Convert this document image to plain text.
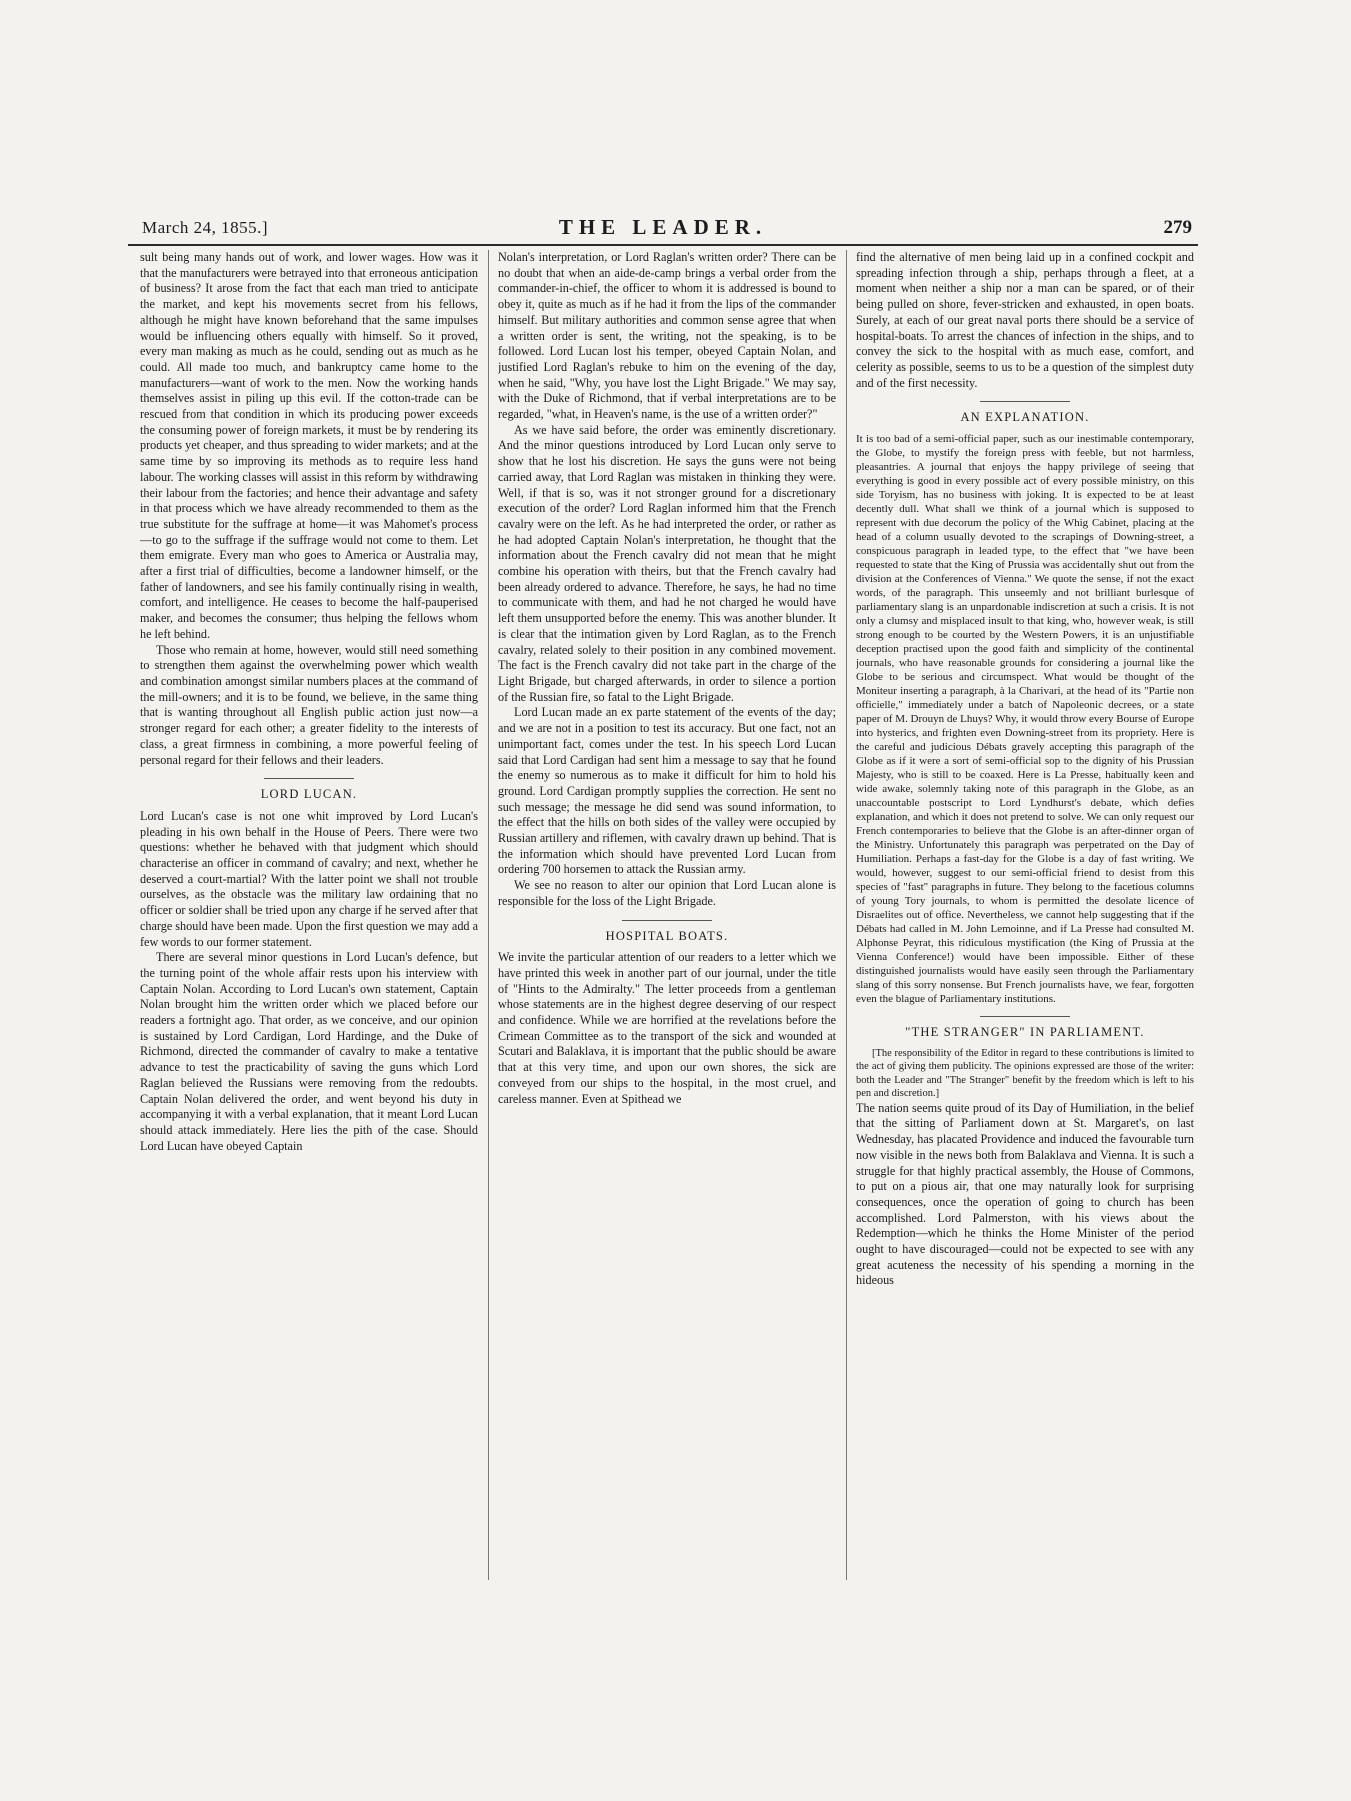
March 24, 1855.]	THE LEADER.	279

sult being many hands out of work, and lower wages. How was it that the manufacturers were betrayed into that erroneous anticipation of business? It arose from the fact that each man tried to anticipate the market, and kept his movements secret from his fellows, although he might have known beforehand that the same impulses would be influencing others equally with himself. So it proved, every man making as much as he could, sending out as much as he could. All made too much, and bankruptcy came home to the manufacturers—want of work to the men. Now the working hands themselves assist in piling up this evil. If the cotton-trade can be rescued from that condition in which its producing power exceeds the consuming power of foreign markets, it must be by rendering its products yet cheaper, and thus spreading to wider markets; and at the same time by so improving its methods as to require less hand labour. The working classes will assist in this reform by withdrawing their labour from the factories; and hence their advantage and safety in that process which we have already recommended to them as the true substitute for the suffrage at home—it was Mahomet's process—to go to the suffrage if the suffrage would not come to them. Let them emigrate. Every man who goes to America or Australia may, after a first trial of difficulties, become a landowner himself, or the father of landowners, and see his family continually rising in wealth, comfort, and intelligence. He ceases to become the half-pauperised maker, and becomes the consumer; thus helping the fellows whom he left behind.

Those who remain at home, however, would still need something to strengthen them against the overwhelming power which wealth and combination amongst similar numbers places at the command of the mill-owners; and it is to be found, we believe, in the same thing that is wanting throughout all English public action just now—a stronger regard for each other; a greater fidelity to the interests of class, a great firmness in combining, a more powerful feeling of personal regard for their fellows and their leaders.

LORD LUCAN.

Lord Lucan's case is not one whit improved by Lord Lucan's pleading in his own behalf in the House of Peers. There were two questions: whether he behaved with that judgment which should characterise an officer in command of cavalry; and next, whether he deserved a court-martial? With the latter point we shall not trouble ourselves, as the obstacle was the military law ordaining that no officer or soldier shall be tried upon any charge if he served after that charge should have been made. Upon the first question we may add a few words to our former statement.

There are several minor questions in Lord Lucan's defence, but the turning point of the whole affair rests upon his interview with Captain Nolan. According to Lord Lucan's own statement, Captain Nolan brought him the written order which we placed before our readers a fortnight ago. That order, as we conceive, and our opinion is sustained by Lord Cardigan, Lord Hardinge, and the Duke of Richmond, directed the commander of cavalry to make a tentative advance to test the practicability of saving the guns which Lord Raglan believed the Russians were removing from the redoubts. Captain Nolan delivered the order, and went beyond his duty in accompanying it with a verbal explanation, that it meant Lord Lucan should attack immediately. Here lies the pith of the case. Should Lord Lucan have obeyed Captain

Nolan's interpretation, or Lord Raglan's written order? There can be no doubt that when an aide-de-camp brings a verbal order from the commander-in-chief, the officer to whom it is addressed is bound to obey it, quite as much as if he had it from the lips of the commander himself. But military authorities and common sense agree that when a written order is sent, the writing, not the speaking, is to be followed. Lord Lucan lost his temper, obeyed Captain Nolan, and justified Lord Raglan's rebuke to him on the evening of the day, when he said, "Why, you have lost the Light Brigade." We may say, with the Duke of Richmond, that if verbal interpretations are to be regarded, "what, in Heaven's name, is the use of a written order?"

As we have said before, the order was eminently discretionary. And the minor questions introduced by Lord Lucan only serve to show that he lost his discretion. He says the guns were not being carried away, that Lord Raglan was mistaken in thinking they were. Well, if that is so, was it not stronger ground for a discretionary execution of the order? Lord Raglan informed him that the French cavalry were on the left. As he had interpreted the order, or rather as he had adopted Captain Nolan's interpretation, he thought that the information about the French cavalry did not mean that he might combine his operation with theirs, but that the French cavalry had been already ordered to advance. Therefore, he says, he had no time to communicate with them, and had he not charged he would have left them unsupported before the enemy. This was another blunder. It is clear that the intimation given by Lord Raglan, as to the French cavalry, related solely to their position in any combined movement. The fact is the French cavalry did not take part in the charge of the Light Brigade, but charged afterwards, in order to silence a portion of the Russian fire, so fatal to the Light Brigade.

Lord Lucan made an ex parte statement of the events of the day; and we are not in a position to test its accuracy. But one fact, not an unimportant fact, comes under the test. In his speech Lord Lucan said that Lord Cardigan had sent him a message to say that he found the enemy so numerous as to make it difficult for him to hold his ground. Lord Cardigan promptly supplies the correction. He sent no such message; the message he did send was sound information, to the effect that the hills on both sides of the valley were occupied by Russian artillery and riflemen, with cavalry drawn up behind. That is the information which should have prevented Lord Lucan from ordering 700 horsemen to attack the Russian army.

We see no reason to alter our opinion that Lord Lucan alone is responsible for the loss of the Light Brigade.

HOSPITAL BOATS.

We invite the particular attention of our readers to a letter which we have printed this week in another part of our journal, under the title of "Hints to the Admiralty." The letter proceeds from a gentleman whose statements are in the highest degree deserving of our respect and confidence. While we are horrified at the revelations before the Crimean Committee as to the transport of the sick and wounded at Scutari and Balaklava, it is important that the public should be aware that at this very time, and upon our own shores, the sick are conveyed from our ships to the hospital, in the most cruel, and careless manner. Even at Spithead we

find the alternative of men being laid up in a confined cockpit and spreading infection through a ship, perhaps through a fleet, at a moment when neither a ship nor a man can be spared, or of their being pulled on shore, fever-stricken and exhausted, in open boats. Surely, at each of our great naval ports there should be a service of hospital-boats. To arrest the chances of infection in the ships, and to convey the sick to the hospital with as much ease, comfort, and celerity as possible, seems to us to be a question of the simplest duty and of the first necessity.

AN EXPLANATION.

It is too bad of a semi-official paper, such as our inestimable contemporary, the Globe, to mystify the foreign press with feeble, but not harmless, pleasantries. A journal that enjoys the happy privilege of seeing that everything is good in every possible act of every possible ministry, on this side Toryism, has no business with joking. It is expected to be at least decently dull. What shall we think of a journal which is supposed to represent with due decorum the policy of the Whig Cabinet, placing at the head of a column usually devoted to the scrapings of Downing-street, a conspicuous paragraph in leaded type, to the effect that "we have been requested to state that the King of Prussia was accidentally shut out from the division at the Conferences of Vienna." We quote the sense, if not the exact words, of the paragraph. This unseemly and not brilliant burlesque of parliamentary slang is an unpardonable indiscretion at such a crisis. It is not only a clumsy and misplaced insult to that king, who, however weak, is still strong enough to be courted by the Western Powers, it is an unjustifiable deception practised upon the good faith and simplicity of the continental journals, who have reasonable grounds for considering a journal like the Globe to be serious and circumspect. What would be thought of the Moniteur inserting a paragraph, à la Charivari, at the head of its "Partie non officielle," immediately under a batch of Napoleonic decrees, or a state paper of M. Drouyn de Lhuys? Why, it would throw every Bourse of Europe into hysterics, and frighten even Downing-street from its propriety. Here is the careful and judicious Débats gravely accepting this paragraph of the Globe as if it were a sort of semi-official sop to the dignity of his Prussian Majesty, who is still to be coaxed. Here is La Presse, habitually keen and wide awake, solemnly taking note of this paragraph in the Globe, as an unaccountable postscript to Lord Lyndhurst's debate, which defies explanation, and which it does not pretend to solve. We can only request our French contemporaries to believe that the Globe is an after-dinner organ of the Ministry. Unfortunately this paragraph was perpetrated on the Day of Humiliation. Perhaps a fast-day for the Globe is a day of fast writing. We would, however, suggest to our semi-official friend to desist from this species of "fast" paragraphs in future. They belong to the facetious columns of young Tory journals, to whom is permitted the desolate licence of Disraelites out of office. Nevertheless, we cannot help suggesting that if the Débats had called in M. John Lemoinne, and if La Presse had consulted M. Alphonse Peyrat, this ridiculous mystification (the King of Prussia at the Vienna Conference!) would have been impossible. Either of these distinguished journalists would have easily seen through the Parliamentary slang of this sorry nonsense. But French journalists have, we fear, forgotten even the blague of Parliamentary institutions.

"THE STRANGER" IN PARLIAMENT.

[The responsibility of the Editor in regard to these contributions is limited to the act of giving them publicity. The opinions expressed are those of the writer: both the Leader and "The Stranger" benefit by the freedom which is left to his pen and discretion.]

The nation seems quite proud of its Day of Humiliation, in the belief that the sitting of Parliament down at St. Margaret's, on last Wednesday, has placated Providence and induced the favourable turn now visible in the news both from Balaklava and Vienna. It is such a struggle for that highly practical assembly, the House of Commons, to put on a pious air, that one may naturally look for surprising consequences, once the operation of going to church has been accomplished. Lord Palmerston, with his views about the Redemption—which he thinks the Home Minister of the period ought to have discouraged—could not be expected to see with any great acuteness the necessity of his spending a morning in the hideous
